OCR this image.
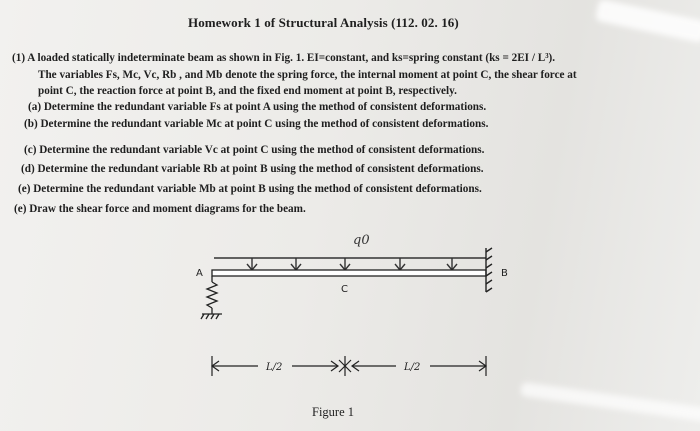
Homework 1 of Structural Analysis (112. 02. 16)
(1) A loaded statically indeterminate beam as shown in Fig. 1. EI=constant, and ks=spring constant (ks = 2EI / L³).
The variables Fs, Mc, Vc, Rb , and Mb denote the spring force, the internal moment at point C, the shear force at
point C, the reaction force at point B, and the fixed end moment at point B, respectively.
(a) Determine the redundant variable Fs at point A using the method of consistent deformations.
(b) Determine the redundant variable Mc at point C using the method of consistent deformations.
(c) Determine the redundant variable Vc at point C using the method of consistent deformations.
(d) Determine the redundant variable Rb at point B using the method of consistent deformations.
(e) Determine the redundant variable Mb at point B using the method of consistent deformations.
(e) Draw the shear force and moment diagrams for the beam.
q0
A	B
C
L/2	L/2
Figure 1
